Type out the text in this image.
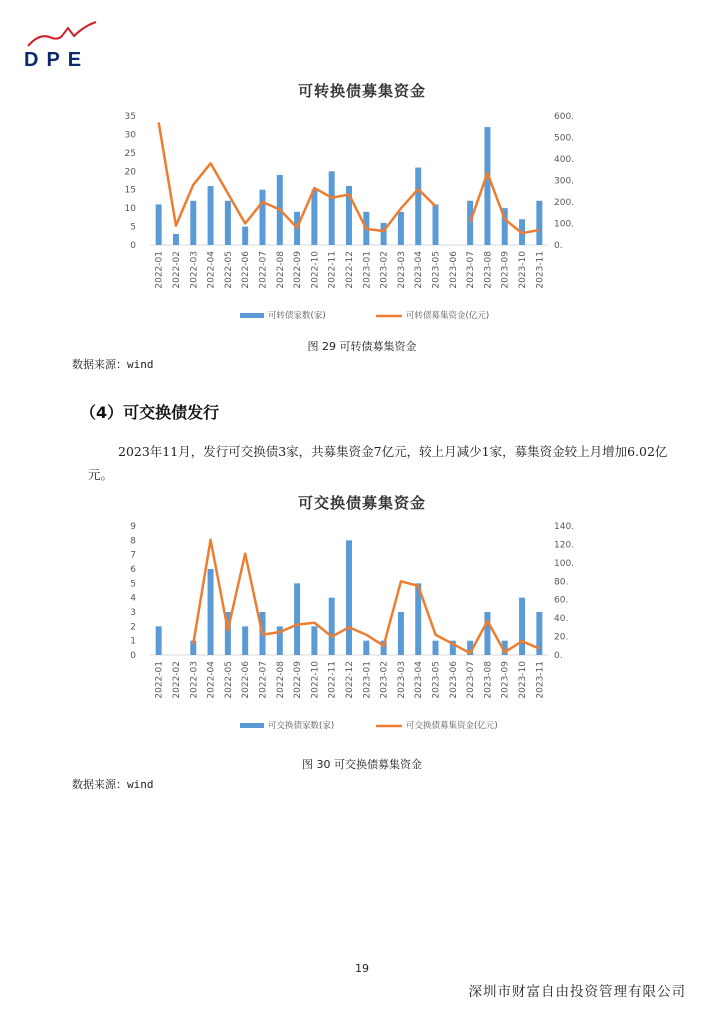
DPE
可转换债募集资金
0
5
10
15
20
25
30
35
0.
100.
200.
300.
400.
500.
600.
2022-01 2022-02 2022-03 2022-04 2022-05 2022-06 2022-07 2022-08 2022-09 2022-10 2022-11 2022-12 2023-01 2023-02 2023-03 2023-04 2023-05 2023-06 2023-07 2023-08 2023-09 2023-10 2023-11
可转债家数(家)	可转债募集资金(亿元)
图 29 可转债募集资金
数据来源：wind
（4）可交换债发行
2023年11月，发行可交换债3家，共募集资金7亿元，较上月减少1家，募集资金较上月增加6.02亿元。
可交换债募集资金
0
1
2
3
4
5
6
7
8
9
0.
20.
40.
60.
80.
100.
120.
140.
2022-01 2022-02 2022-03 2022-04 2022-05 2022-06 2022-07 2022-08 2022-09 2022-10 2022-11 2022-12 2023-01 2023-02 2023-03 2023-04 2023-05 2023-06 2023-07 2023-08 2023-09 2023-10 2023-11
可交换债家数(家)	可交换债募集资金(亿元)
图 30 可交换债募集资金
数据来源：wind
19
深圳市财富自由投资管理有限公司
